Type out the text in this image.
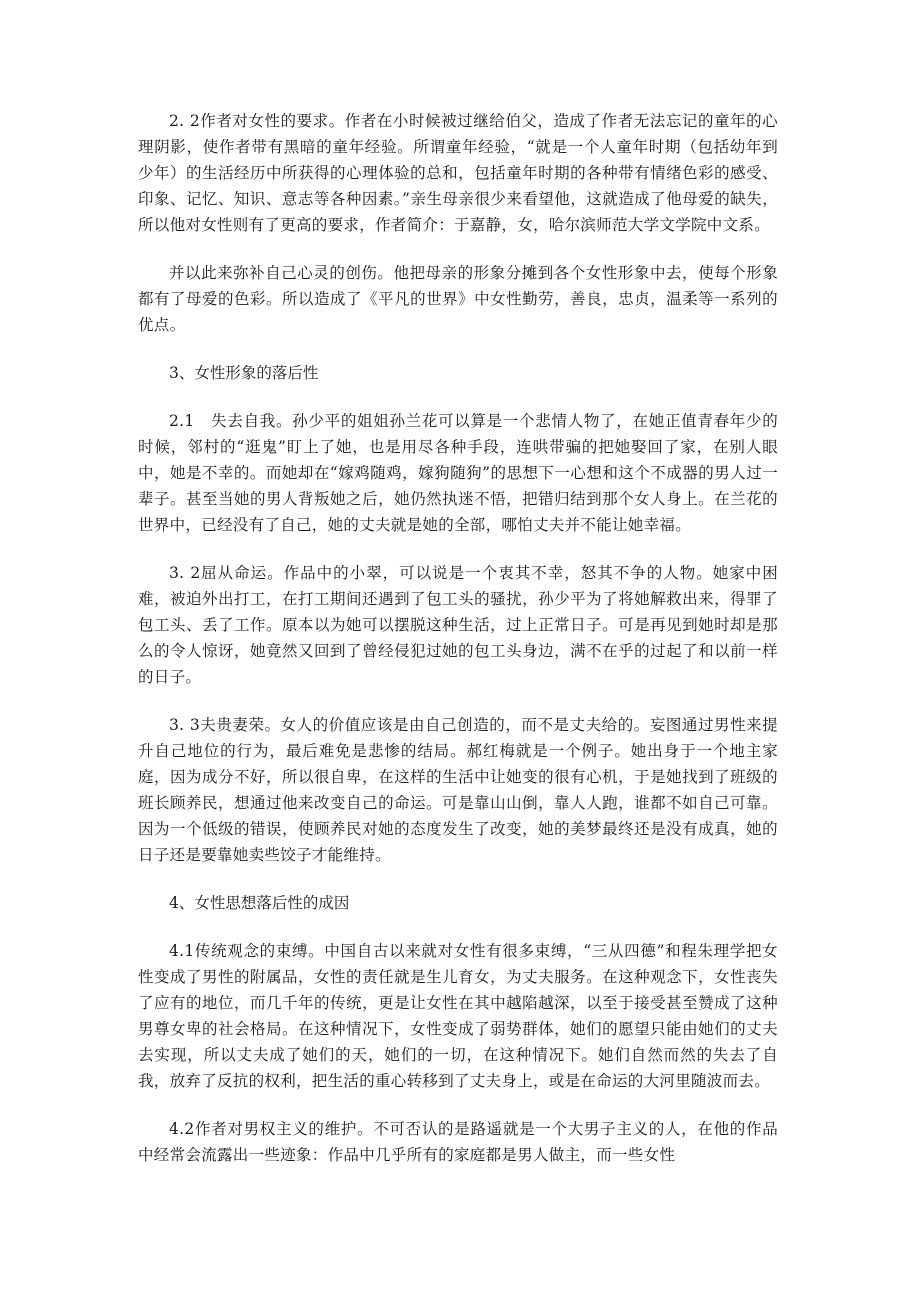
2. 2作者对女性的要求。作者在小时候被过继给伯父，造成了作者无法忘记的童年的心理阴影，使作者带有黑暗的童年经验。所谓童年经验，“就是一个人童年时期（包括幼年到少年）的生活经历中所获得的心理体验的总和，包括童年时期的各种带有情绪色彩的感受、印象、记忆、知识、意志等各种因素。”亲生母亲很少来看望他，这就造成了他母爱的缺失，所以他对女性则有了更高的要求，作者简介：于嘉静，女，哈尔滨师范大学文学院中文系。

并以此来弥补自己心灵的创伤。他把母亲的形象分摊到各个女性形象中去，使每个形象都有了母爱的色彩。所以造成了《平凡的世界》中女性勤劳，善良，忠贞，温柔等一系列的优点。

3、女性形象的落后性

2.1　失去自我。孙少平的姐姐孙兰花可以算是一个悲情人物了，在她正值青春年少的时候，邻村的“逛鬼”盯上了她，也是用尽各种手段，连哄带骗的把她娶回了家，在别人眼中，她是不幸的。而她却在“嫁鸡随鸡，嫁狗随狗”的思想下一心想和这个不成器的男人过一辈子。甚至当她的男人背叛她之后，她仍然执迷不悟，把错归结到那个女人身上。在兰花的世界中，已经没有了自己，她的丈夫就是她的全部，哪怕丈夫并不能让她幸福。

3. 2屈从命运。作品中的小翠，可以说是一个衷其不幸，怒其不争的人物。她家中困难，被迫外出打工，在打工期间还遇到了包工头的骚扰，孙少平为了将她解救出来，得罪了包工头、丢了工作。原本以为她可以摆脱这种生活，过上正常日子。可是再见到她时却是那么的令人惊讶，她竟然又回到了曾经侵犯过她的包工头身边，满不在乎的过起了和以前一样的日子。

3. 3夫贵妻荣。女人的价值应该是由自己创造的，而不是丈夫给的。妄图通过男性来提升自己地位的行为，最后难免是悲惨的结局。郝红梅就是一个例子。她出身于一个地主家庭，因为成分不好，所以很自卑，在这样的生活中让她变的很有心机，于是她找到了班级的班长顾养民，想通过他来改变自己的命运。可是靠山山倒，靠人人跑，谁都不如自己可靠。因为一个低级的错误，使顾养民对她的态度发生了改变，她的美梦最终还是没有成真，她的日子还是要靠她卖些饺子才能维持。

4、女性思想落后性的成因

4.1传统观念的束缚。中国自古以来就对女性有很多束缚，“三从四德”和程朱理学把女性变成了男性的附属品，女性的责任就是生儿育女，为丈夫服务。在这种观念下，女性丧失了应有的地位，而几千年的传统，更是让女性在其中越陷越深，以至于接受甚至赞成了这种男尊女卑的社会格局。在这种情况下，女性变成了弱势群体，她们的愿望只能由她们的丈夫去实现，所以丈夫成了她们的天，她们的一切，在这种情况下。她们自然而然的失去了自我，放弃了反抗的权利，把生活的重心转移到了丈夫身上，或是在命运的大河里随波而去。

4.2作者对男权主义的维护。不可否认的是路遥就是一个大男子主义的人，在他的作品中经常会流露出一些迹象：作品中几乎所有的家庭都是男人做主，而一些女性
